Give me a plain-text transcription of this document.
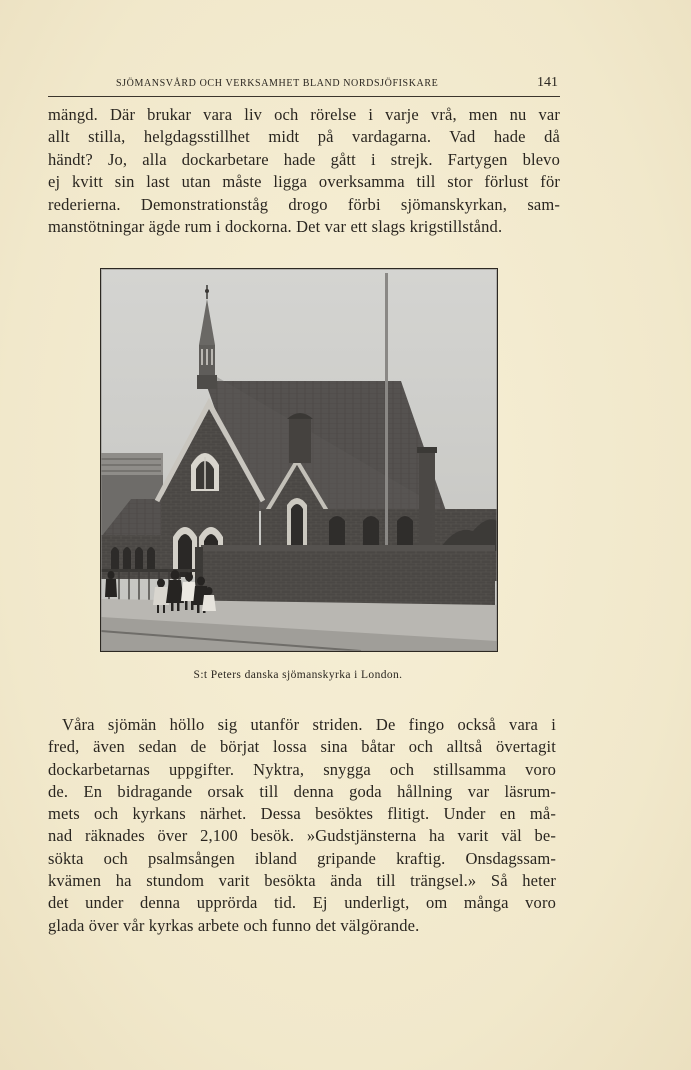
SJÖMANSVÅRD OCH VERKSAMHET BLAND NORDSJÖFISKARE	141
mängd. Där brukar vara liv och rörelse i varje vrå, men nu var
allt stilla, helgdagsstillhet midt på vardagarna. Vad hade då
händt? Jo, alla dockarbetare hade gått i strejk. Fartygen blevo
ej kvitt sin last utan måste ligga overksamma till stor förlust för
rederierna. Demonstrationståg drogo förbi sjömanskyrkan, sam-
manstötningar ägde rum i dockorna. Det var ett slags krigstillstånd.
S:t Peters danska sjömanskyrka i London.
Våra sjömän höllo sig utanför striden. De fingo också vara i
fred, även sedan de börjat lossa sina båtar och alltså övertagit
dockarbetarnas uppgifter. Nyktra, snygga och stillsamma voro
de. En bidragande orsak till denna goda hållning var läsrum-
mets och kyrkans närhet. Dessa besöktes flitigt. Under en må-
nad räknades över 2,100 besök. »Gudstjänsterna ha varit väl be-
sökta och psalmsången ibland gripande kraftig. Onsdagssam-
kvämen ha stundom varit besökta ända till trängsel.» Så heter
det under denna upprörda tid. Ej underligt, om många voro
glada över vår kyrkas arbete och funno det välgörande.
